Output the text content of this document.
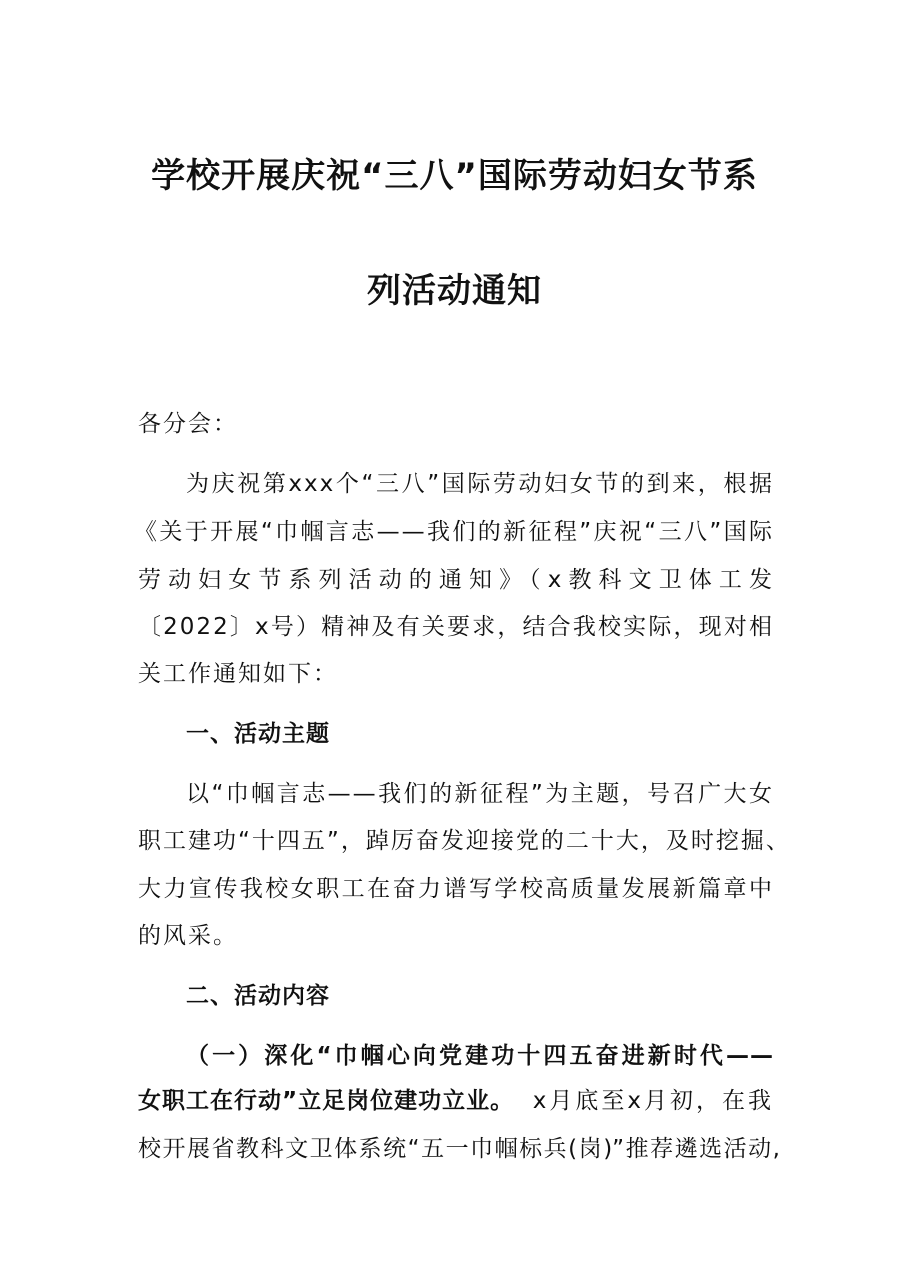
学校开展庆祝“三八”国际劳动妇女节系
列活动通知
各分会：
为庆祝第xxx个“三八”国际劳动妇女节的到来，根据
《关于开展“巾帼言志——我们的新征程”庆祝“三八”国际
劳动妇女节系列活动的通知》（x教科文卫体工发
〔2022〕x号）精神及有关要求，结合我校实际，现对相
关工作通知如下：
一、活动主题
以“巾帼言志——我们的新征程”为主题，号召广大女
职工建功“十四五”，踔厉奋发迎接党的二十大，及时挖掘、
大力宣传我校女职工在奋力谱写学校高质量发展新篇章中
的风采。
二、活动内容
（一）深化“巾帼心向党建功十四五奋进新时代——
女职工在行动”立足岗位建功立业。 x月底至x月初，在我
校开展省教科文卫体系统“五一巾帼标兵(岗)”推荐遴选活动,
